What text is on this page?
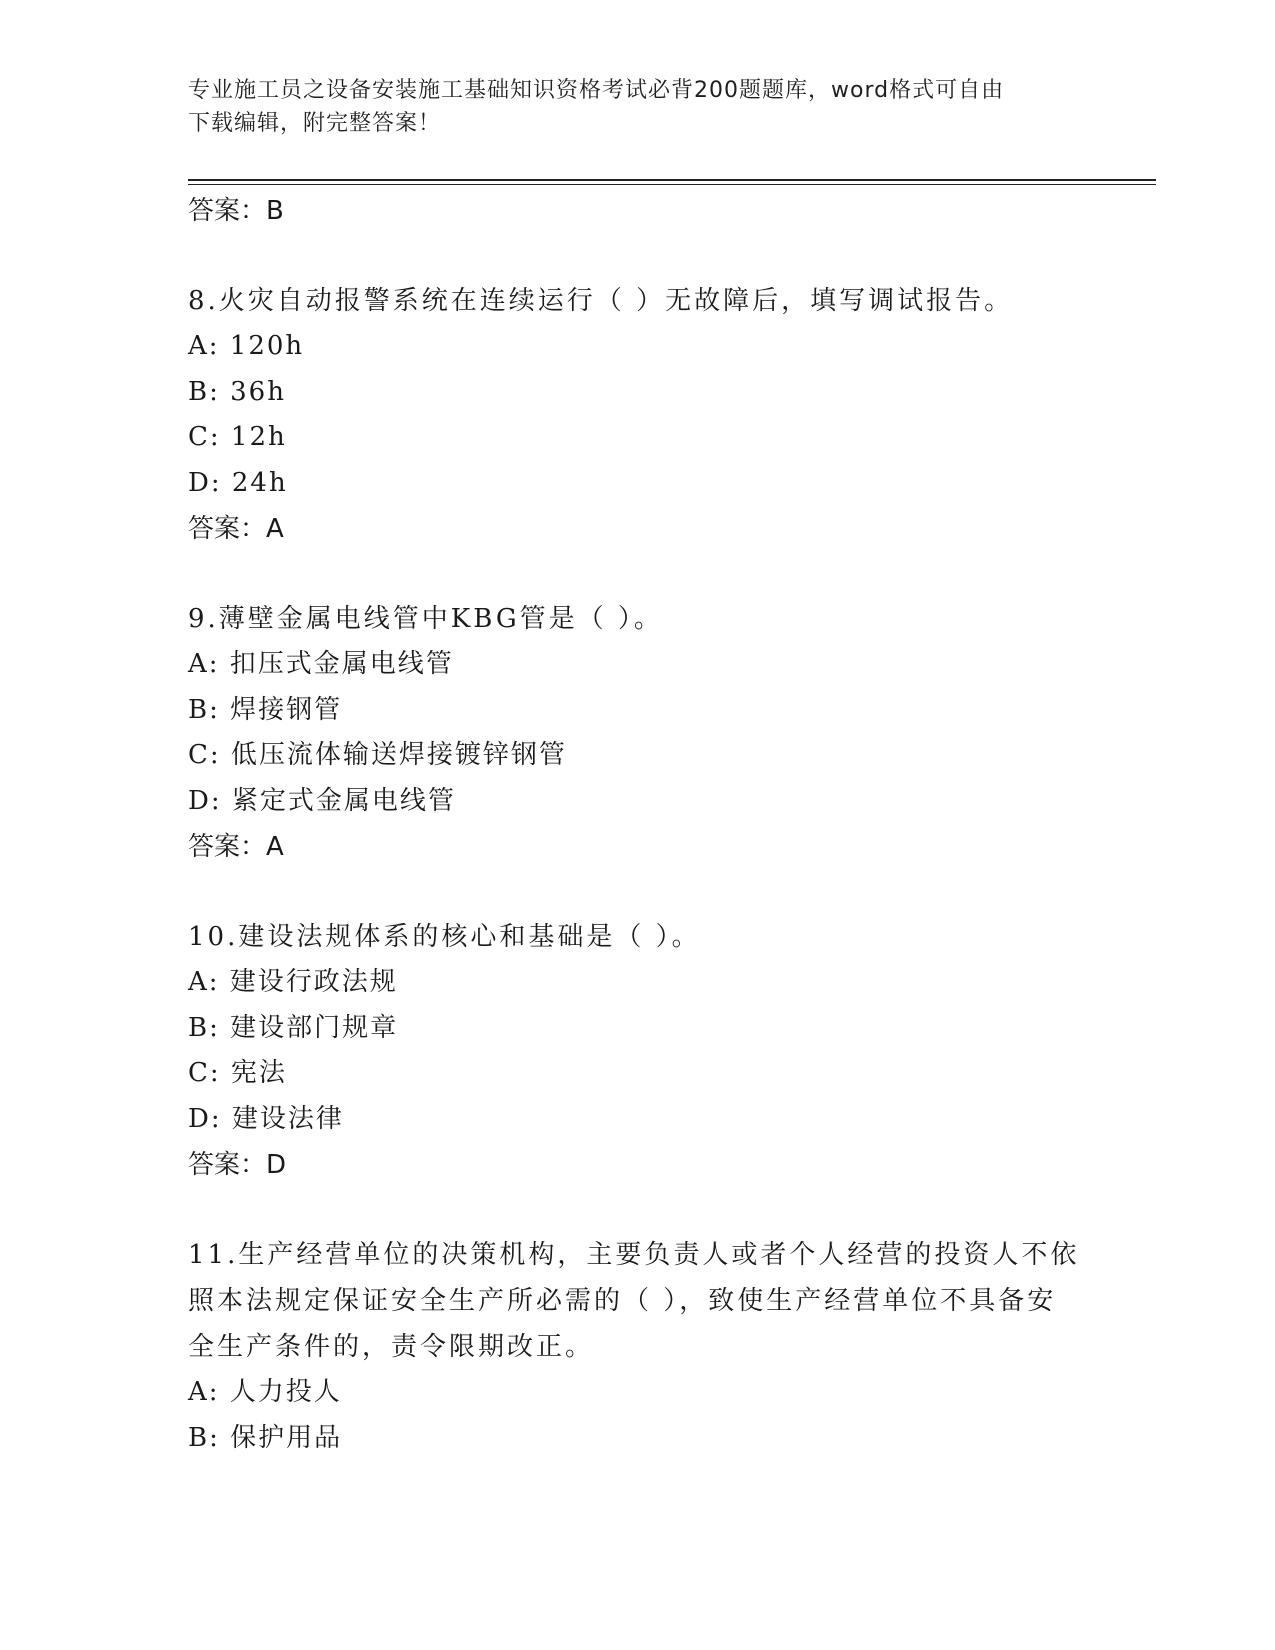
专业施工员之设备安装施工基础知识资格考试必背200题题库，word格式可自由
下载编辑，附完整答案！

答案：B

8.火灾自动报警系统在连续运行（ ）无故障后，填写调试报告。

A: 120h

B: 36h

C: 12h

D: 24h

答案：A

9.薄壁金属电线管中KBG管是（ ）。

A: 扣压式金属电线管

B: 焊接钢管

C: 低压流体输送焊接镀锌钢管

D: 紧定式金属电线管

答案：A

10.建设法规体系的核心和基础是（ ）。

A: 建设行政法规

B: 建设部门规章

C: 宪法

D: 建设法律

答案：D

11.生产经营单位的决策机构，主要负责人或者个人经营的投资人不依

照本法规定保证安全生产所必需的（ ），致使生产经营单位不具备安

全生产条件的，责令限期改正。

A: 人力投人

B: 保护用品
